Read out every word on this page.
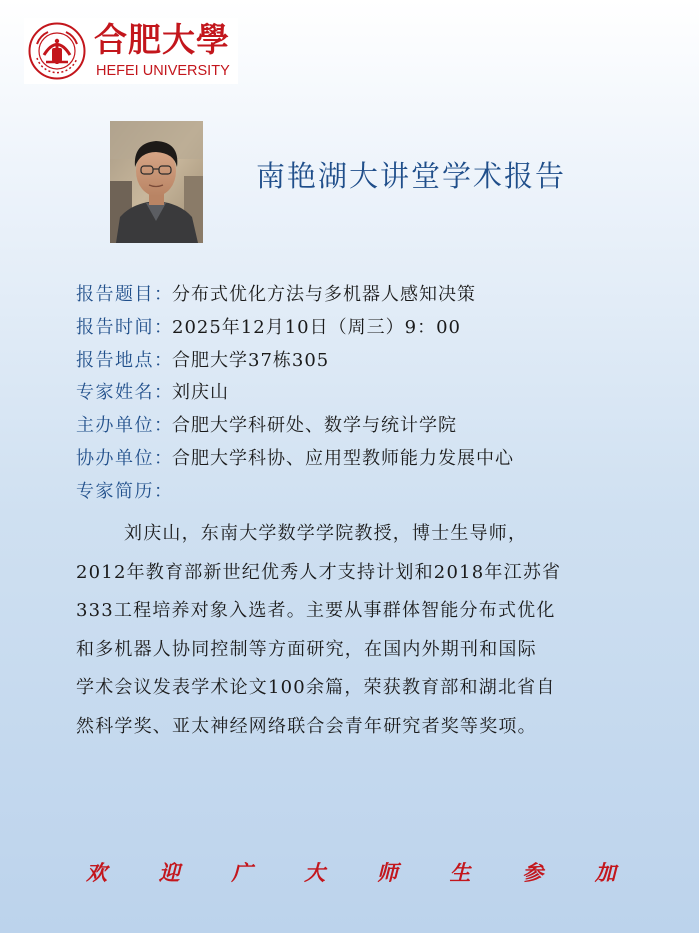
合肥大學
HEFEI UNIVERSITY
南艳湖大讲堂学术报告
报告题目：分布式优化方法与多机器人感知决策
报告时间：2025年12月10日（周三）9：00
报告地点：合肥大学37栋305
专家姓名：刘庆山
主办单位：合肥大学科研处、数学与统计学院
协办单位：合肥大学科协、应用型教师能力发展中心
专家简历：
刘庆山，东南大学数学学院教授，博士生导师，
2012年教育部新世纪优秀人才支持计划和2018年江苏省
333工程培养对象入选者。主要从事群体智能分布式优化
和多机器人协同控制等方面研究，在国内外期刊和国际
学术会议发表学术论文100余篇，荣获教育部和湖北省自
然科学奖、亚太神经网络联合会青年研究者奖等奖项。
欢 迎 广 大 师 生 参 加
